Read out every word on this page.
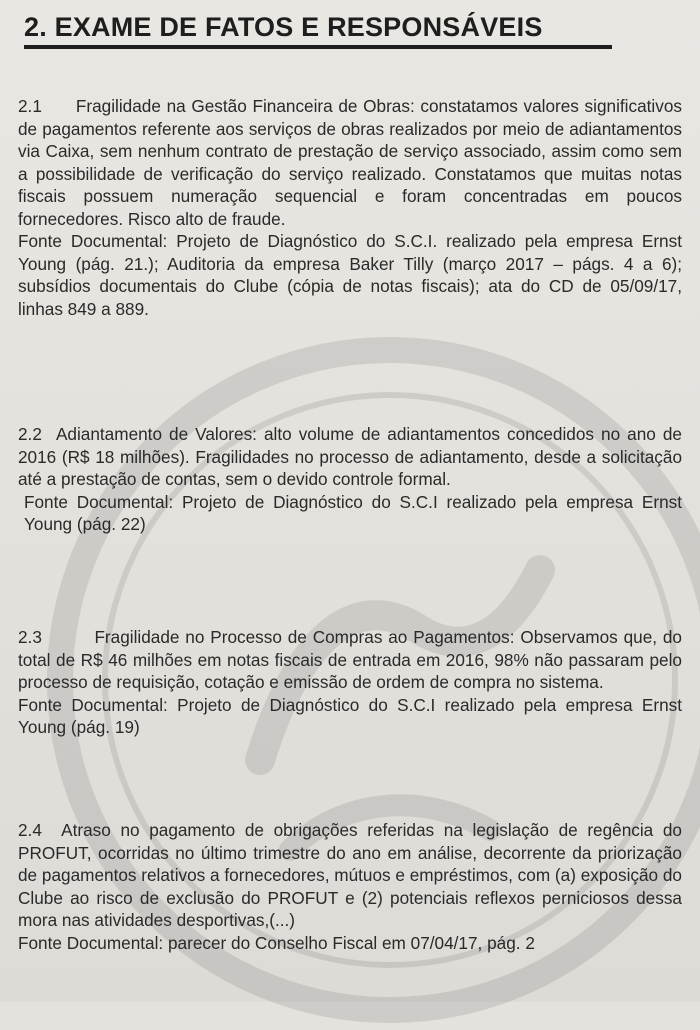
2. EXAME DE FATOS E RESPONSÁVEIS

2.1 Fragilidade na Gestão Financeira de Obras: constatamos valores significativos de pagamentos referente aos serviços de obras realizados por meio de adiantamentos via Caixa, sem nenhum contrato de prestação de serviço associado, assim como sem a possibilidade de verificação do serviço realizado. Constatamos que muitas notas fiscais possuem numeração sequencial e foram concentradas em poucos fornecedores. Risco alto de fraude.

Fonte Documental: Projeto de Diagnóstico do S.C.I. realizado pela empresa Ernst Young (pág. 21.); Auditoria da empresa Baker Tilly (março 2017 – págs. 4 a 6); subsídios documentais do Clube (cópia de notas fiscais); ata do CD de 05/09/17, linhas 849 a 889.

2.2 Adiantamento de Valores: alto volume de adiantamentos concedidos no ano de 2016 (R$ 18 milhões). Fragilidades no processo de adiantamento, desde a solicitação até a prestação de contas, sem o devido controle formal.

Fonte Documental: Projeto de Diagnóstico do S.C.I realizado pela empresa Ernst Young (pág. 22)

2.3	Fragilidade no Processo de Compras ao Pagamentos: Observamos que, do total de R$ 46 milhões em notas fiscais de entrada em 2016, 98% não passaram pelo processo de requisição, cotação e emissão de ordem de compra no sistema.

Fonte Documental: Projeto de Diagnóstico do S.C.I realizado pela empresa Ernst Young (pág. 19)

2.4 Atraso no pagamento de obrigações referidas na legislação de regência do PROFUT, ocorridas no último trimestre do ano em análise, decorrente da priorização de pagamentos relativos a fornecedores, mútuos e empréstimos, com (a) exposição do Clube ao risco de exclusão do PROFUT e (2) potenciais reflexos perniciosos dessa mora nas atividades desportivas,(...)

Fonte Documental: parecer do Conselho Fiscal em 07/04/17, pág. 2
